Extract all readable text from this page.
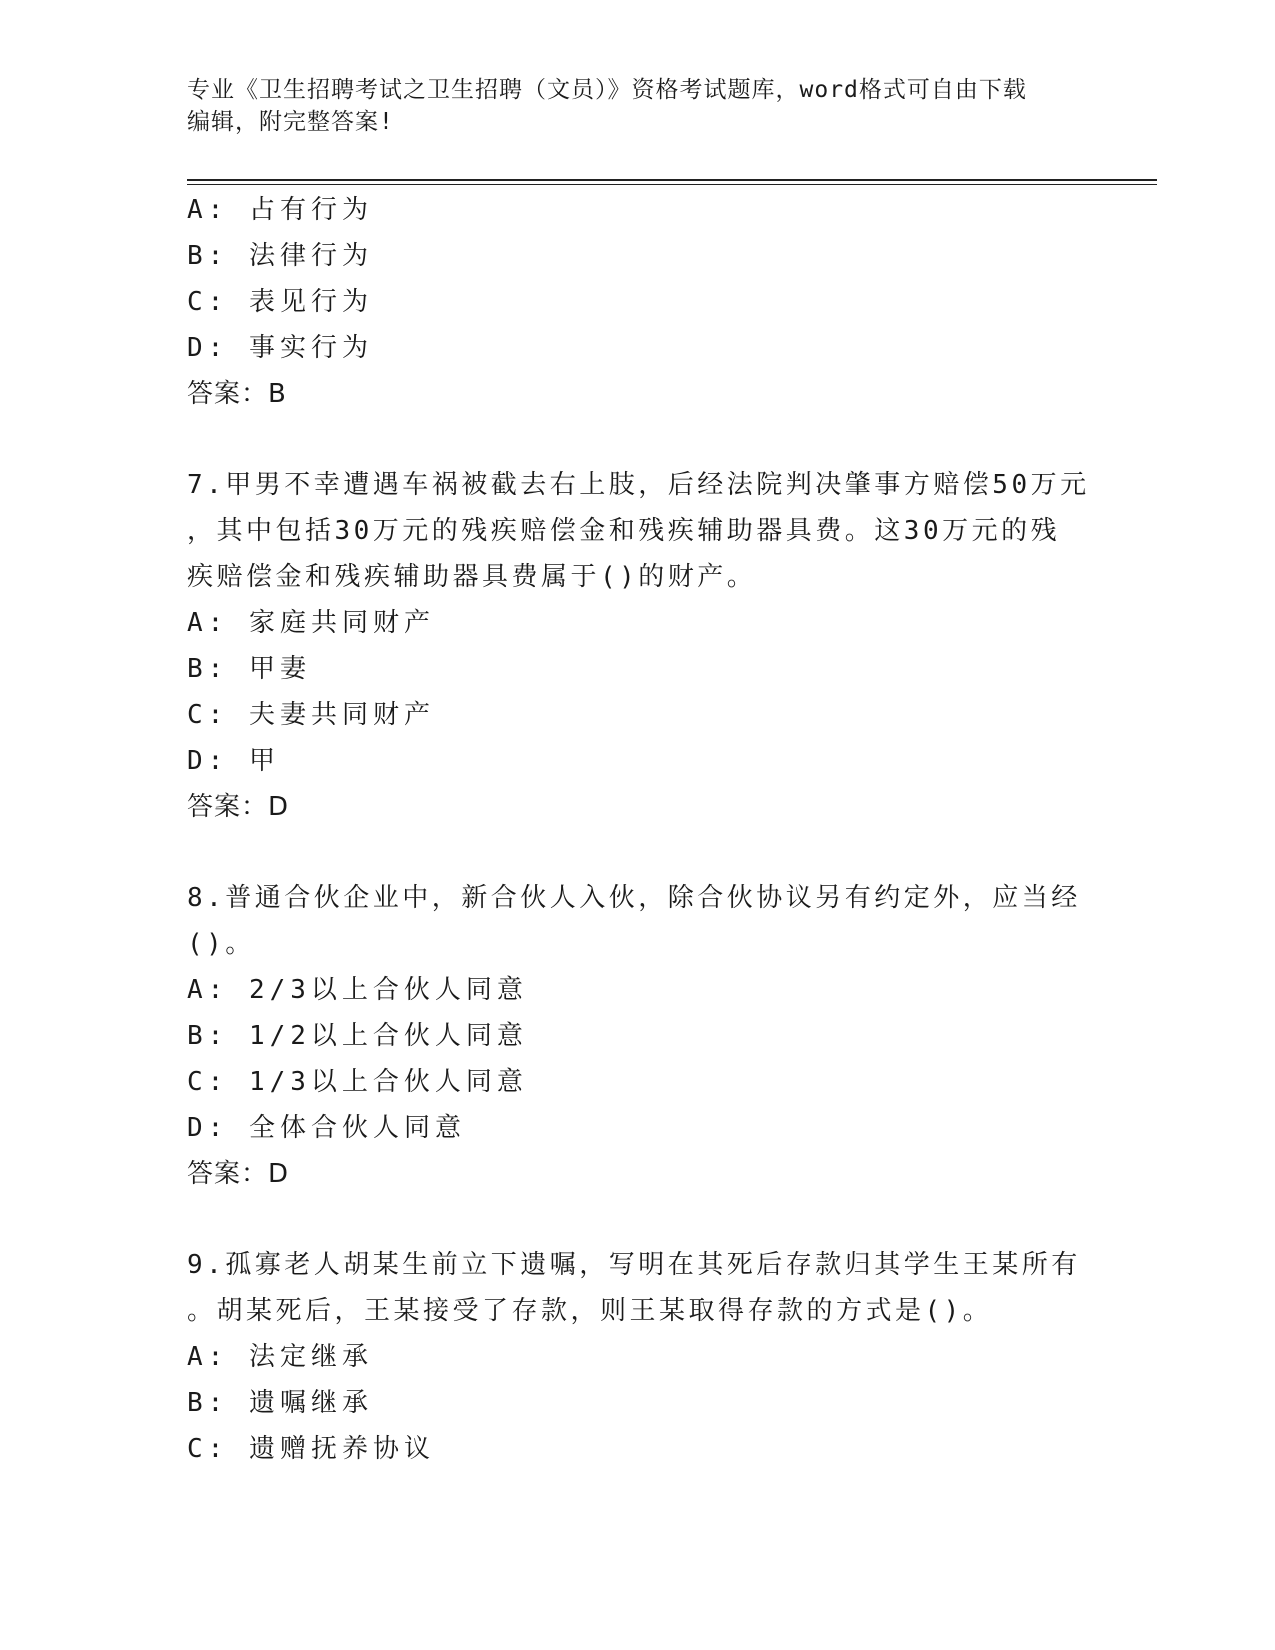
专业《卫生招聘考试之卫生招聘（文员）》资格考试题库，word格式可自由下载
编辑，附完整答案!
A: 占有行为
B: 法律行为
C: 表见行为
D: 事实行为
答案：B
7.甲男不幸遭遇车祸被截去右上肢，后经法院判决肇事方赔偿50万元
，其中包括30万元的残疾赔偿金和残疾辅助器具费。这30万元的残
疾赔偿金和残疾辅助器具费属于()的财产。
A: 家庭共同财产
B: 甲妻
C: 夫妻共同财产
D: 甲
答案：D
8.普通合伙企业中，新合伙人入伙，除合伙协议另有约定外，应当经
()。
A: 2/3以上合伙人同意
B: 1/2以上合伙人同意
C: 1/3以上合伙人同意
D: 全体合伙人同意
答案：D
9.孤寡老人胡某生前立下遗嘱，写明在其死后存款归其学生王某所有
。胡某死后，王某接受了存款，则王某取得存款的方式是()。
A: 法定继承
B: 遗嘱继承
C: 遗赠抚养协议
